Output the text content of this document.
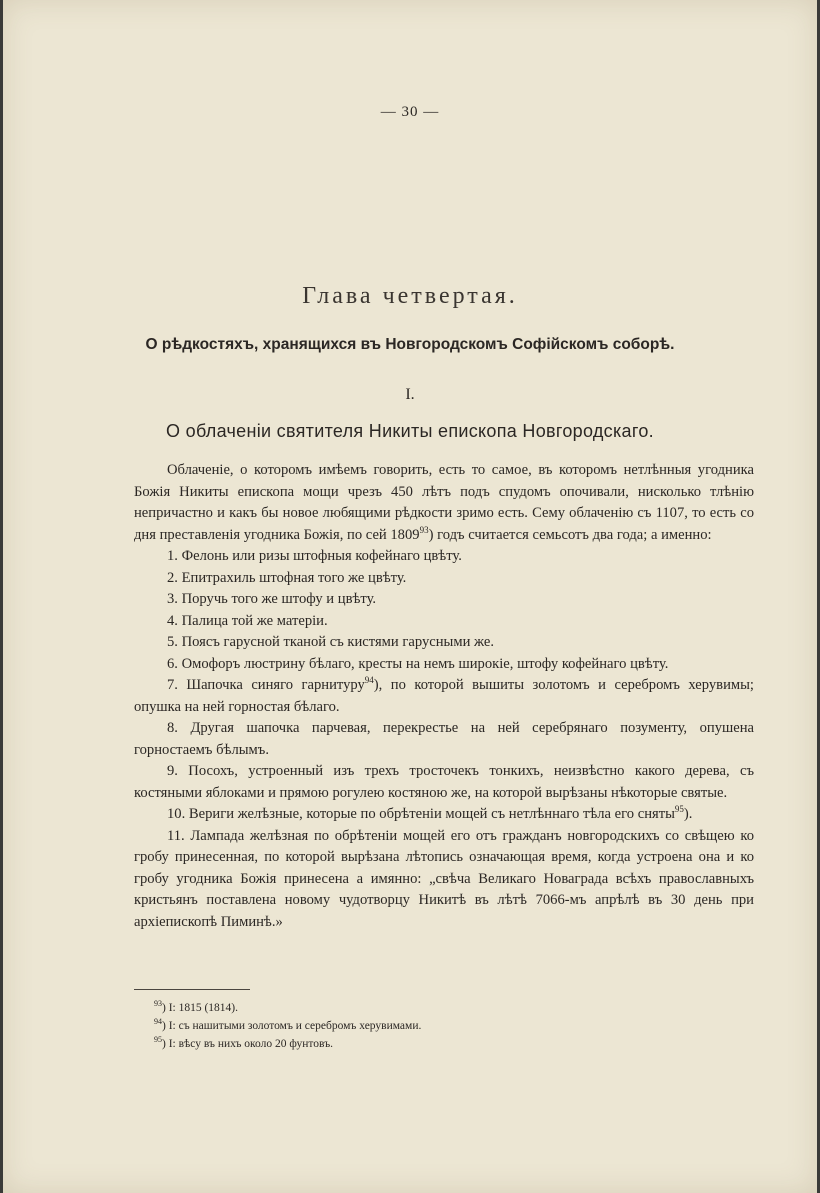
— 30 —
Глава четвертая.
О рѣдкостяхъ, хранящихся въ Новгородскомъ Софійскомъ соборѣ.
I.
О облаченіи святителя Никиты епископа Новгородскаго.

Облаченіе, о которомъ имѣемъ говорить, есть то самое, въ которомъ нетлѣнныя угодника Божія Никиты епископа мощи чрезъ 450 лѣтъ подъ спудомъ опочивали, нисколько тлѣнію непричастно и какъ бы новое любящими рѣдкости зримо есть. Сему облаченію съ 1107, то есть со дня преставленія угодника Божія, по сей 1809$^{93}$) годъ считается семьсотъ два года; а именно:

1. Фелонь или ризы штофныя кофейнаго цвѣту.
2. Епитрахиль штофная того же цвѣту.
3. Поручь того же штофу и цвѣту.
4. Палица той же матеріи.
5. Поясъ гарусной тканой съ кистями гарусными же.
6. Омофоръ люстрину бѣлаго, кресты на немъ широкіе, штофу кофейнаго цвѣту.
7. Шапочка синяго гарнитуру$^{94}$), по которой вышиты золотомъ и серебромъ херувимы; опушка на ней горностая бѣлаго.
8. Другая шапочка парчевая, перекрестье на ней серебрянаго позументу, опушена горностаемъ бѣлымъ.
9. Посохъ, устроенный изъ трехъ тросточекъ тонкихъ, неизвѣстно какого дерева, съ костяными яблоками и прямою рогулею костяною же, на которой вырѣзаны нѣкоторые святые.
10. Вериги желѣзные, которые по обрѣтеніи мощей съ нетлѣннаго тѣла его сняты$^{95}$).
11. Лампада желѣзная по обрѣтеніи мощей его отъ гражданъ новгородскихъ со свѣщею ко гробу принесенная, по которой вырѣзана лѣтопись означающая время, когда устроена она и ко гробу угодника Божія принесена а имянно: „свѣча Великаго Новаграда всѣхъ православныхъ кристьянъ поставлена новому чудотворцу Никитѣ въ лѣтѣ 7066-мъ апрѣлѣ въ 30 день при архіепископѣ Пиминѣ.»
$^{93}$) I: 1815 (1814).
$^{94}$) I: съ нашитыми золотомъ и серебромъ херувимами.
$^{95}$) I: вѣсу въ нихъ около 20 фунтовъ.
